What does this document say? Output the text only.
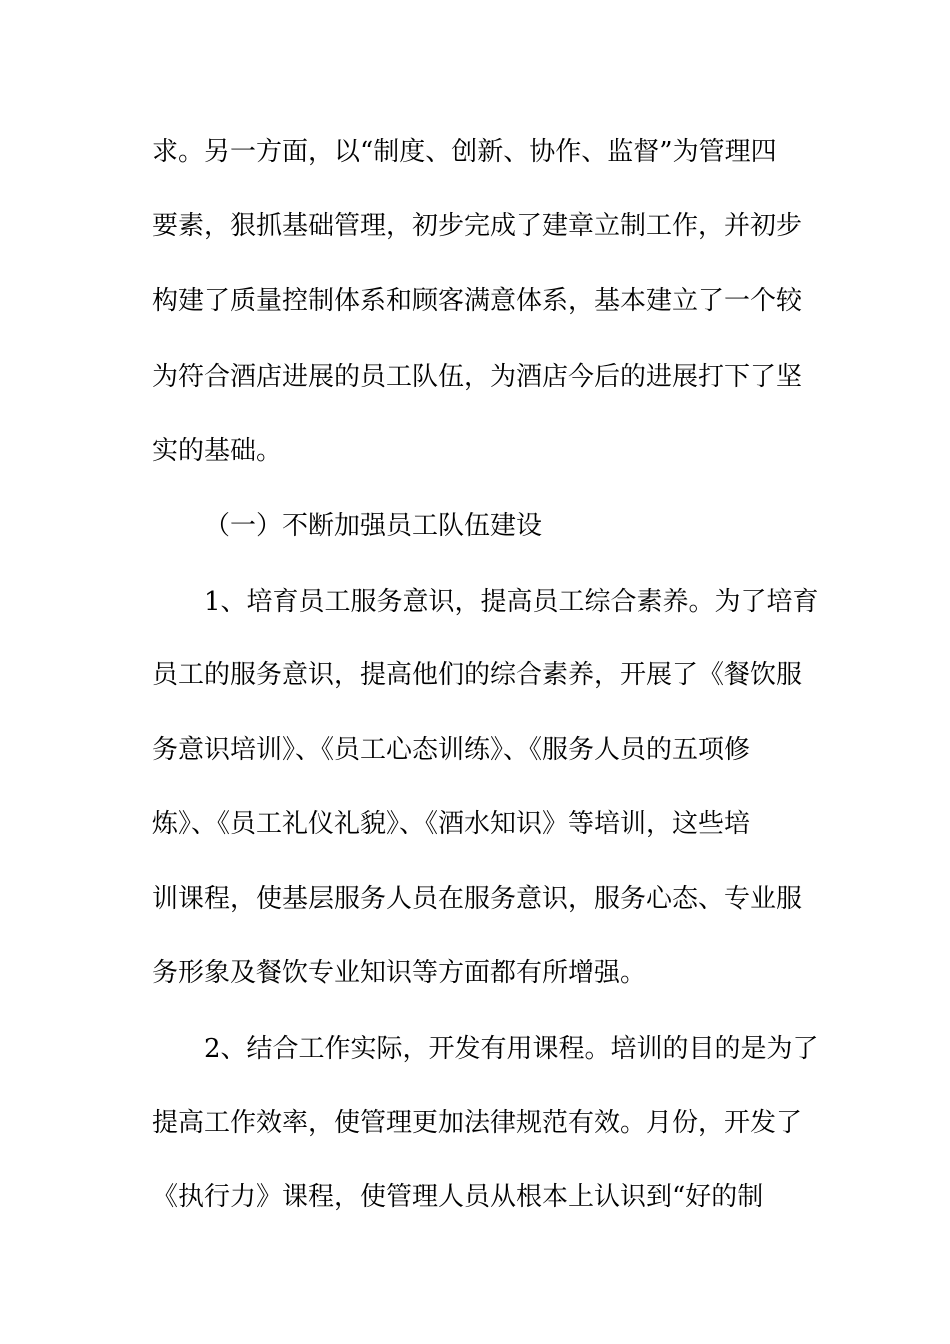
求。另一方面，以“制度、创新、协作、监督”为管理四
要素，狠抓基础管理，初步完成了建章立制工作，并初步
构建了质量控制体系和顾客满意体系，基本建立了一个较
为符合酒店进展的员工队伍，为酒店今后的进展打下了坚
实的基础。
（一）不断加强员工队伍建设
1、培育员工服务意识，提高员工综合素养。为了培育
员工的服务意识，提高他们的综合素养，开展了《餐饮服
务意识培训》、《员工心态训练》、《服务人员的五项修
炼》、《员工礼仪礼貌》、《酒水知识》等培训，这些培
训课程，使基层服务人员在服务意识，服务心态、专业服
务形象及餐饮专业知识等方面都有所增强。
2、结合工作实际，开发有用课程。培训的目的是为了
提高工作效率，使管理更加法律规范有效。月份，开发了
《执行力》课程，使管理人员从根本上认识到“好的制
